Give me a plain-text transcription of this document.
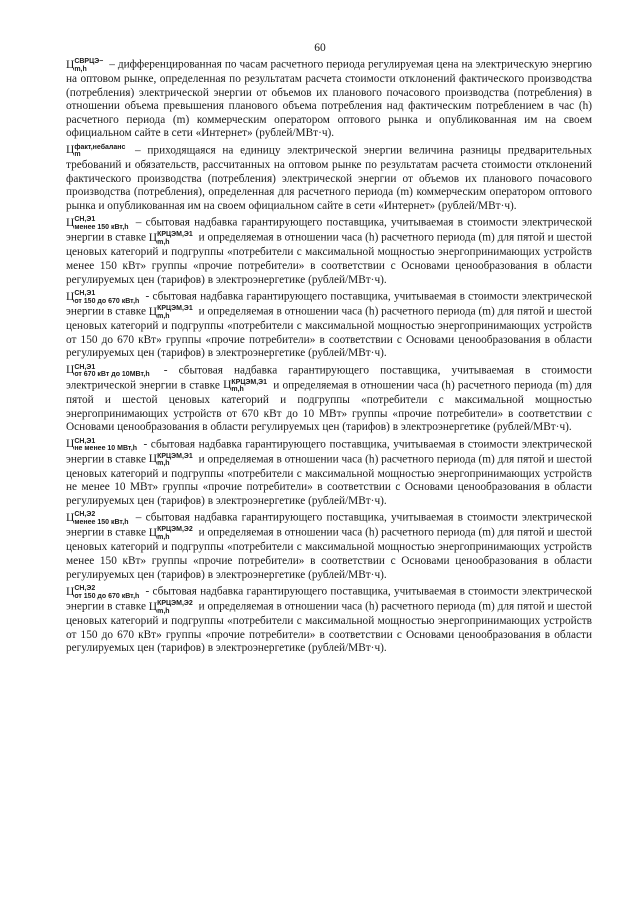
60

Ц СВРЦЭ−
m,h	– дифференцированная по часам расчетного периода регулируемая цена на электрическую энергию на оптовом рынке, определенная по результатам расчета стоимости отклонений фактического производства (потребления) электрической энергии от объемов их планового почасового производства (потребления) в отношении объема превышения планового объема потребления над фактическим потреблением в час (h) расчетного периода (m) коммерческим оператором оптового рынка и опубликованная им на своем официальном сайте в сети «Интернет» (рублей/МВт·ч).

Ц факт,небаланс
m	– приходящаяся на единицу электрической энергии величина разницы предварительных требований и обязательств, рассчитанных на оптовом рынке по результатам расчета стоимости отклонений фактического производства (потребления) электрической энергии от объемов их планового почасового производства (потребления), определенная для расчетного периода (m) коммерческим оператором оптового рынка и опубликованная им на своем официальном сайте в сети «Интернет» (рублей/МВт·ч).

Ц СН,Э1
менее 150 кВт,h – сбытовая надбавка гарантирующего поставщика, учитываемая в стоимости электрической энергии в ставке Ц КРЦЭМ,Э1
m,h	и определяемая в отношении часа (h) расчетного периода (m) для пятой и шестой ценовых категорий и подгруппы «потребители с максимальной мощностью энергопринимающих устройств менее 150 кВт» группы «прочие потребители» в соответствии с Основами ценообразования в области регулируемых цен (тарифов) в электроэнергетике (рублей/МВт·ч).

Ц СН,Э1
от 150 до 670 кВт,h - сбытовая надбавка гарантирующего поставщика, учитываемая в стоимости электрической энергии в ставке Ц КРЦЭМ,Э1
m,h	и определяемая в отношении часа (h) расчетного периода (m) для пятой и шестой ценовых категорий и подгруппы «потребители с максимальной мощностью энергопринимающих устройств от 150 до 670 кВт» группы «прочие потребители» в соответствии с Основами ценообразования в области регулируемых цен (тарифов) в электроэнергетике (рублей/МВт·ч).

Ц СН,Э1
от 670 кВт до 10МВт,h - сбытовая надбавка гарантирующего поставщика, учитываемая в стоимости электрической энергии в ставке Ц КРЦЭМ,Э1
m,h	и определяемая в отношении часа (h) расчетного периода (m) для пятой и шестой ценовых категорий и подгруппы «потребители с максимальной мощностью энергопринимающих устройств от 670 кВт до 10 МВт» группы «прочие потребители» в соответствии с Основами ценообразования в области регулируемых цен (тарифов) в электроэнергетике (рублей/МВт·ч).

Ц СН,Э1
не менее 10 МВт,h - сбытовая надбавка гарантирующего поставщика, учитываемая в стоимости электрической энергии в ставке Ц КРЦЭМ,Э1
m,h	и определяемая в отношении часа (h) расчетного периода (m) для пятой и шестой ценовых категорий и подгруппы «потребители с максимальной мощностью энергопринимающих устройств не менее 10 МВт» группы «прочие потребители» в соответствии с Основами ценообразования в области регулируемых цен (тарифов) в электроэнергетике (рублей/МВт·ч).

Ц СН,Э2
менее 150 кВт,h – сбытовая надбавка гарантирующего поставщика, учитываемая в стоимости электрической энергии в ставке Ц КРЦЭМ,Э2
m,h	и определяемая в отношении часа (h) расчетного периода (m) для пятой и шестой ценовых категорий и подгруппы «потребители с максимальной мощностью энергопринимающих устройств менее 150 кВт» группы «прочие потребители» в соответствии с Основами ценообразования в области регулируемых цен (тарифов) в электроэнергетике (рублей/МВт·ч).

Ц СН,Э2
от 150 до 670 кВт,h - сбытовая надбавка гарантирующего поставщика, учитываемая в стоимости электрической энергии в ставке Ц КРЦЭМ,Э2
m,h	и определяемая в отношении часа (h) расчетного периода (m) для пятой и шестой ценовых категорий и подгруппы «потребители с максимальной мощностью энергопринимающих устройств от 150 до 670 кВт» группы «прочие потребители» в соответствии с Основами ценообразования в области регулируемых цен (тарифов) в электроэнергетике (рублей/МВт·ч).
